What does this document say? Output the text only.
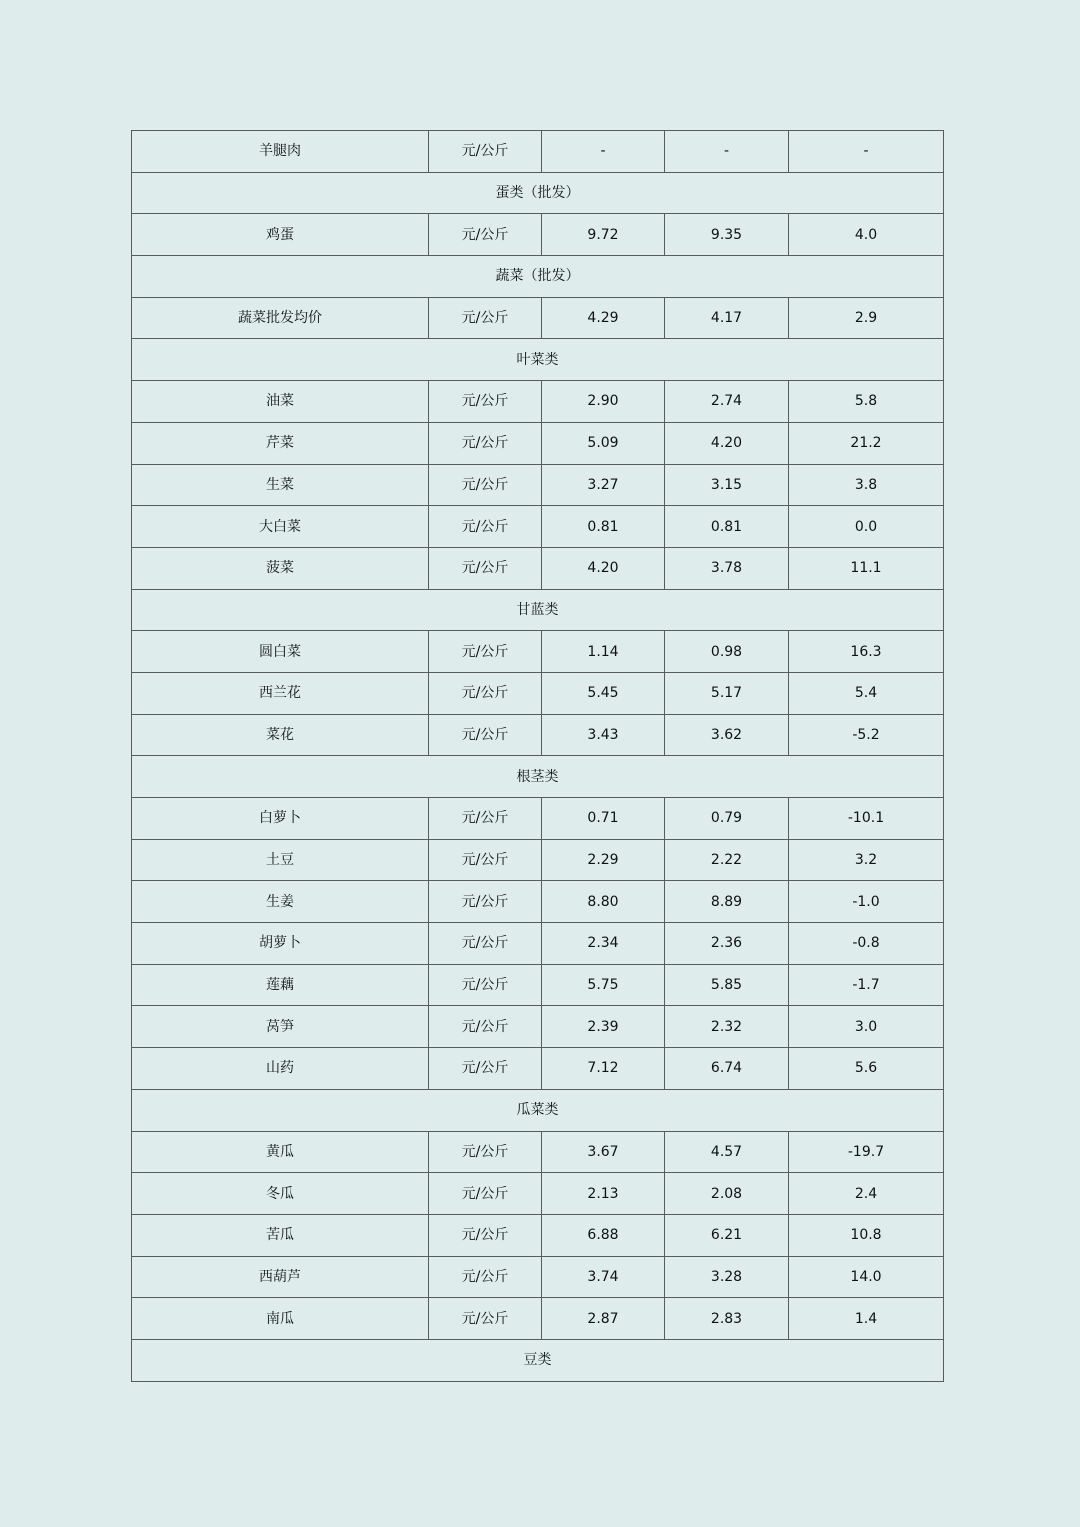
羊腿肉	元/公斤	-	-	-
蛋类（批发）				
鸡蛋	元/公斤	9.72	9.35	4.0
蔬菜（批发）				
蔬菜批发均价	元/公斤	4.29	4.17	2.9
叶菜类				
油菜	元/公斤	2.90	2.74	5.8
芹菜	元/公斤	5.09	4.20	21.2
生菜	元/公斤	3.27	3.15	3.8
大白菜	元/公斤	0.81	0.81	0.0
菠菜	元/公斤	4.20	3.78	11.1
甘蓝类				
圆白菜	元/公斤	1.14	0.98	16.3
西兰花	元/公斤	5.45	5.17	5.4
菜花	元/公斤	3.43	3.62	-5.2
根茎类				
白萝卜	元/公斤	0.71	0.79	-10.1
土豆	元/公斤	2.29	2.22	3.2
生姜	元/公斤	8.80	8.89	-1.0
胡萝卜	元/公斤	2.34	2.36	-0.8
莲藕	元/公斤	5.75	5.85	-1.7
莴笋	元/公斤	2.39	2.32	3.0
山药	元/公斤	7.12	6.74	5.6
瓜菜类				
黄瓜	元/公斤	3.67	4.57	-19.7
冬瓜	元/公斤	2.13	2.08	2.4
苦瓜	元/公斤	6.88	6.21	10.8
西葫芦	元/公斤	3.74	3.28	14.0
南瓜	元/公斤	2.87	2.83	1.4
豆类				
